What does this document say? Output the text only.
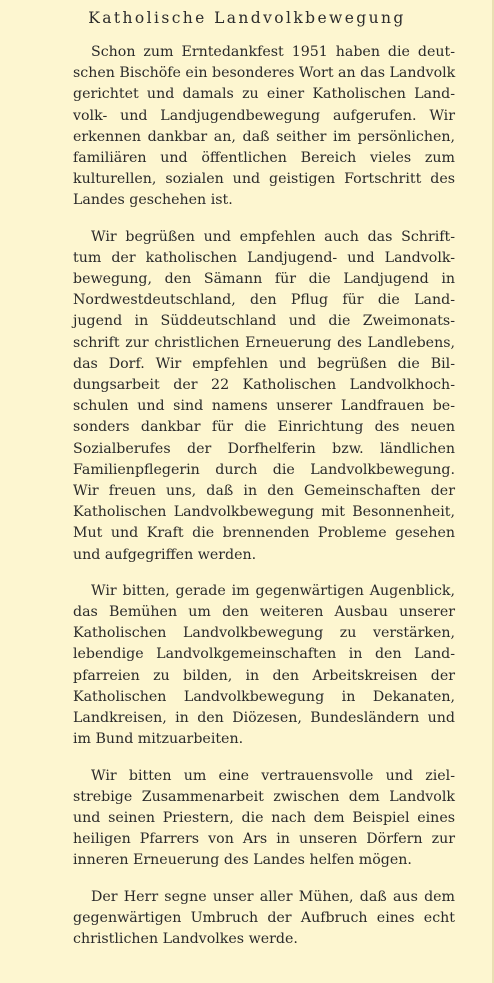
Katholische Landvolkbewegung

Schon zum Erntedankfest 1951 haben die deut-
schen Bischöfe ein besonderes Wort an das Landvolk
gerichtet und damals zu einer Katholischen Land-
volk- und Landjugendbewegung aufgerufen. Wir
erkennen dankbar an, daß seither im persönlichen,
familiären und öffentlichen Bereich vieles zum
kulturellen, sozialen und geistigen Fortschritt des
Landes geschehen ist.

Wir begrüßen und empfehlen auch das Schrift-
tum der katholischen Landjugend- und Landvolk-
bewegung, den Sämann für die Landjugend in
Nordwestdeutschland, den Pflug für die Land-
jugend in Süddeutschland und die Zweimonats-
schrift zur christlichen Erneuerung des Landlebens,
das Dorf. Wir empfehlen und begrüßen die Bil-
dungsarbeit der 22 Katholischen Landvolkhoch-
schulen und sind namens unserer Landfrauen be-
sonders dankbar für die Einrichtung des neuen
Sozialberufes der Dorfhelferin bzw. ländlichen
Familienpflegerin durch die Landvolkbewegung.
Wir freuen uns, daß in den Gemeinschaften der
Katholischen Landvolkbewegung mit Besonnenheit,
Mut und Kraft die brennenden Probleme gesehen
und aufgegriffen werden.

Wir bitten, gerade im gegenwärtigen Augenblick,
das Bemühen um den weiteren Ausbau unserer
Katholischen Landvolkbewegung zu verstärken,
lebendige Landvolkgemeinschaften in den Land-
pfarreien zu bilden, in den Arbeitskreisen der
Katholischen Landvolkbewegung in Dekanaten,
Landkreisen, in den Diözesen, Bundesländern und
im Bund mitzuarbeiten.

Wir bitten um eine vertrauensvolle und ziel-
strebige Zusammenarbeit zwischen dem Landvolk
und seinen Priestern, die nach dem Beispiel eines
heiligen Pfarrers von Ars in unseren Dörfern zur
inneren Erneuerung des Landes helfen mögen.

Der Herr segne unser aller Mühen, daß aus dem
gegenwärtigen Umbruch der Aufbruch eines echt
christlichen Landvolkes werde.
